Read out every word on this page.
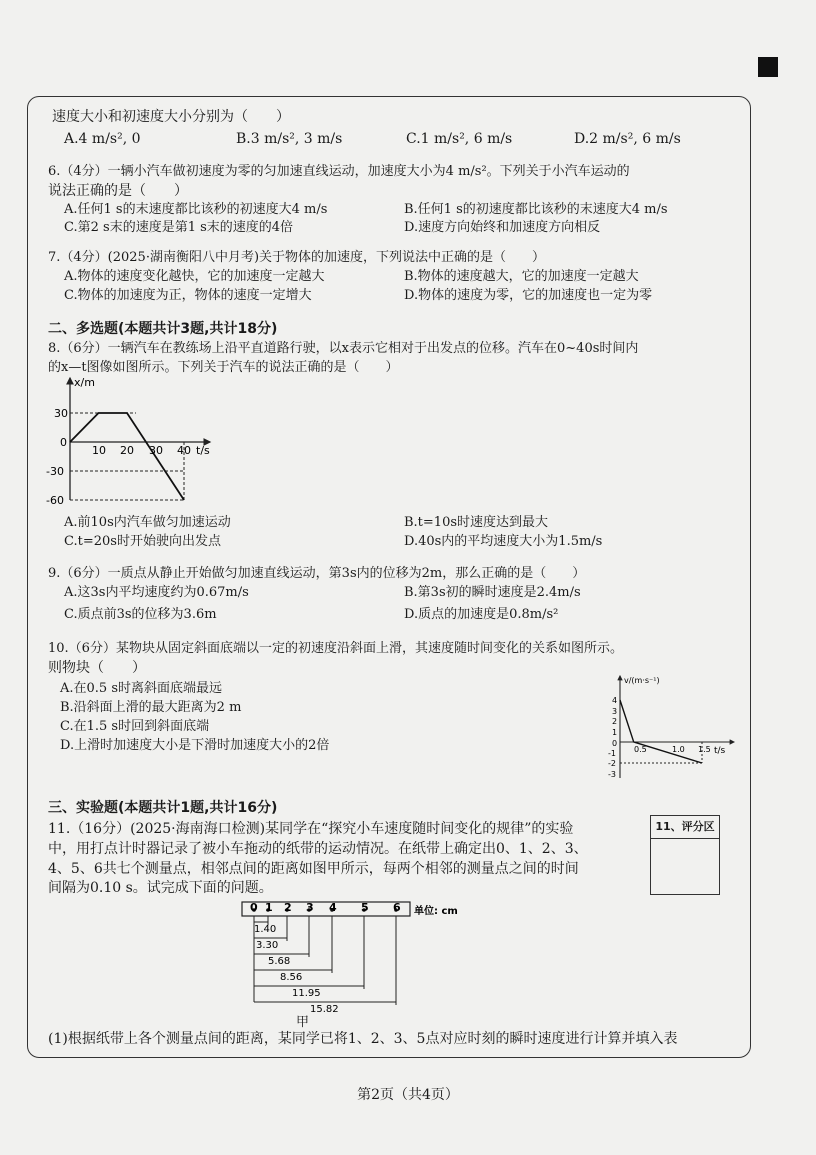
速度大小和初速度大小分别为（　　）
A.4 m/s², 0	B.3 m/s², 3 m/s	C.1 m/s², 6 m/s	D.2 m/s², 6 m/s
6.（4分）一辆小汽车做初速度为零的匀加速直线运动，加速度大小为4 m/s²。下列关于小汽车运动的
说法正确的是（　　）
A.任何1 s的末速度都比该秒的初速度大4 m/s	B.任何1 s的初速度都比该秒的末速度大4 m/s
C.第2 s末的速度是第1 s末的速度的4倍	D.速度方向始终和加速度方向相反
7.（4分）(2025·湖南衡阳八中月考)关于物体的加速度，下列说法中正确的是（　　）
A.物体的速度变化越快，它的加速度一定越大	B.物体的速度越大，它的加速度一定越大
C.物体的加速度为正，物体的速度一定增大	D.物体的速度为零，它的加速度也一定为零
二、多选题(本题共计3题,共计18分)
8.（6分）一辆汽车在教练场上沿平直道路行驶，以x表示它相对于出发点的位移。汽车在0~40s时间内
的x—t图像如图所示。下列关于汽车的说法正确的是（　　）
x/m
t/s
30
0
-30
-60
10 20 30 40
A.前10s内汽车做匀加速运动	B.t=10s时速度达到最大
C.t=20s时开始驶向出发点	D.40s内的平均速度大小为1.5m/s
9.（6分）一质点从静止开始做匀加速直线运动，第3s内的位移为2m，那么正确的是（　　）
A.这3s内平均速度约为0.67m/s	B.第3s初的瞬时速度是2.4m/s
C.质点前3s的位移为3.6m	D.质点的加速度是0.8m/s²
10.（6分）某物块从固定斜面底端以一定的初速度沿斜面上滑，其速度随时间变化的关系如图所示。
则物块（　　）
A.在0.5 s时离斜面底端最远
B.沿斜面上滑的最大距离为2 m
C.在1.5 s时回到斜面底端
D.上滑时加速度大小是下滑时加速度大小的2倍
v/(m·s⁻¹)
t/s
4
3
2
1
0
-1
-2
-3
0.5	1.0 1.5
三、实验题(本题共计1题,共计16分)
11.（16分）(2025·海南海口检测)某同学在“探究小车速度随时间变化的规律”的实验
中，用打点计时器记录了被小车拖动的纸带的运动情况。在纸带上确定出0、1、2、3、
4、5、6共七个测量点，相邻点间的距离如图甲所示，每两个相邻的测量点之间的时间
间隔为0.10 s。试完成下面的问题。
11、评分区
0 1 2 3 4 5 6 单位: cm
1.40
3.30
5.68
8.56
11.95
15.82
甲
(1)根据纸带上各个测量点间的距离，某同学已将1、2、3、5点对应时刻的瞬时速度进行计算并填入表
第2页（共4页）
